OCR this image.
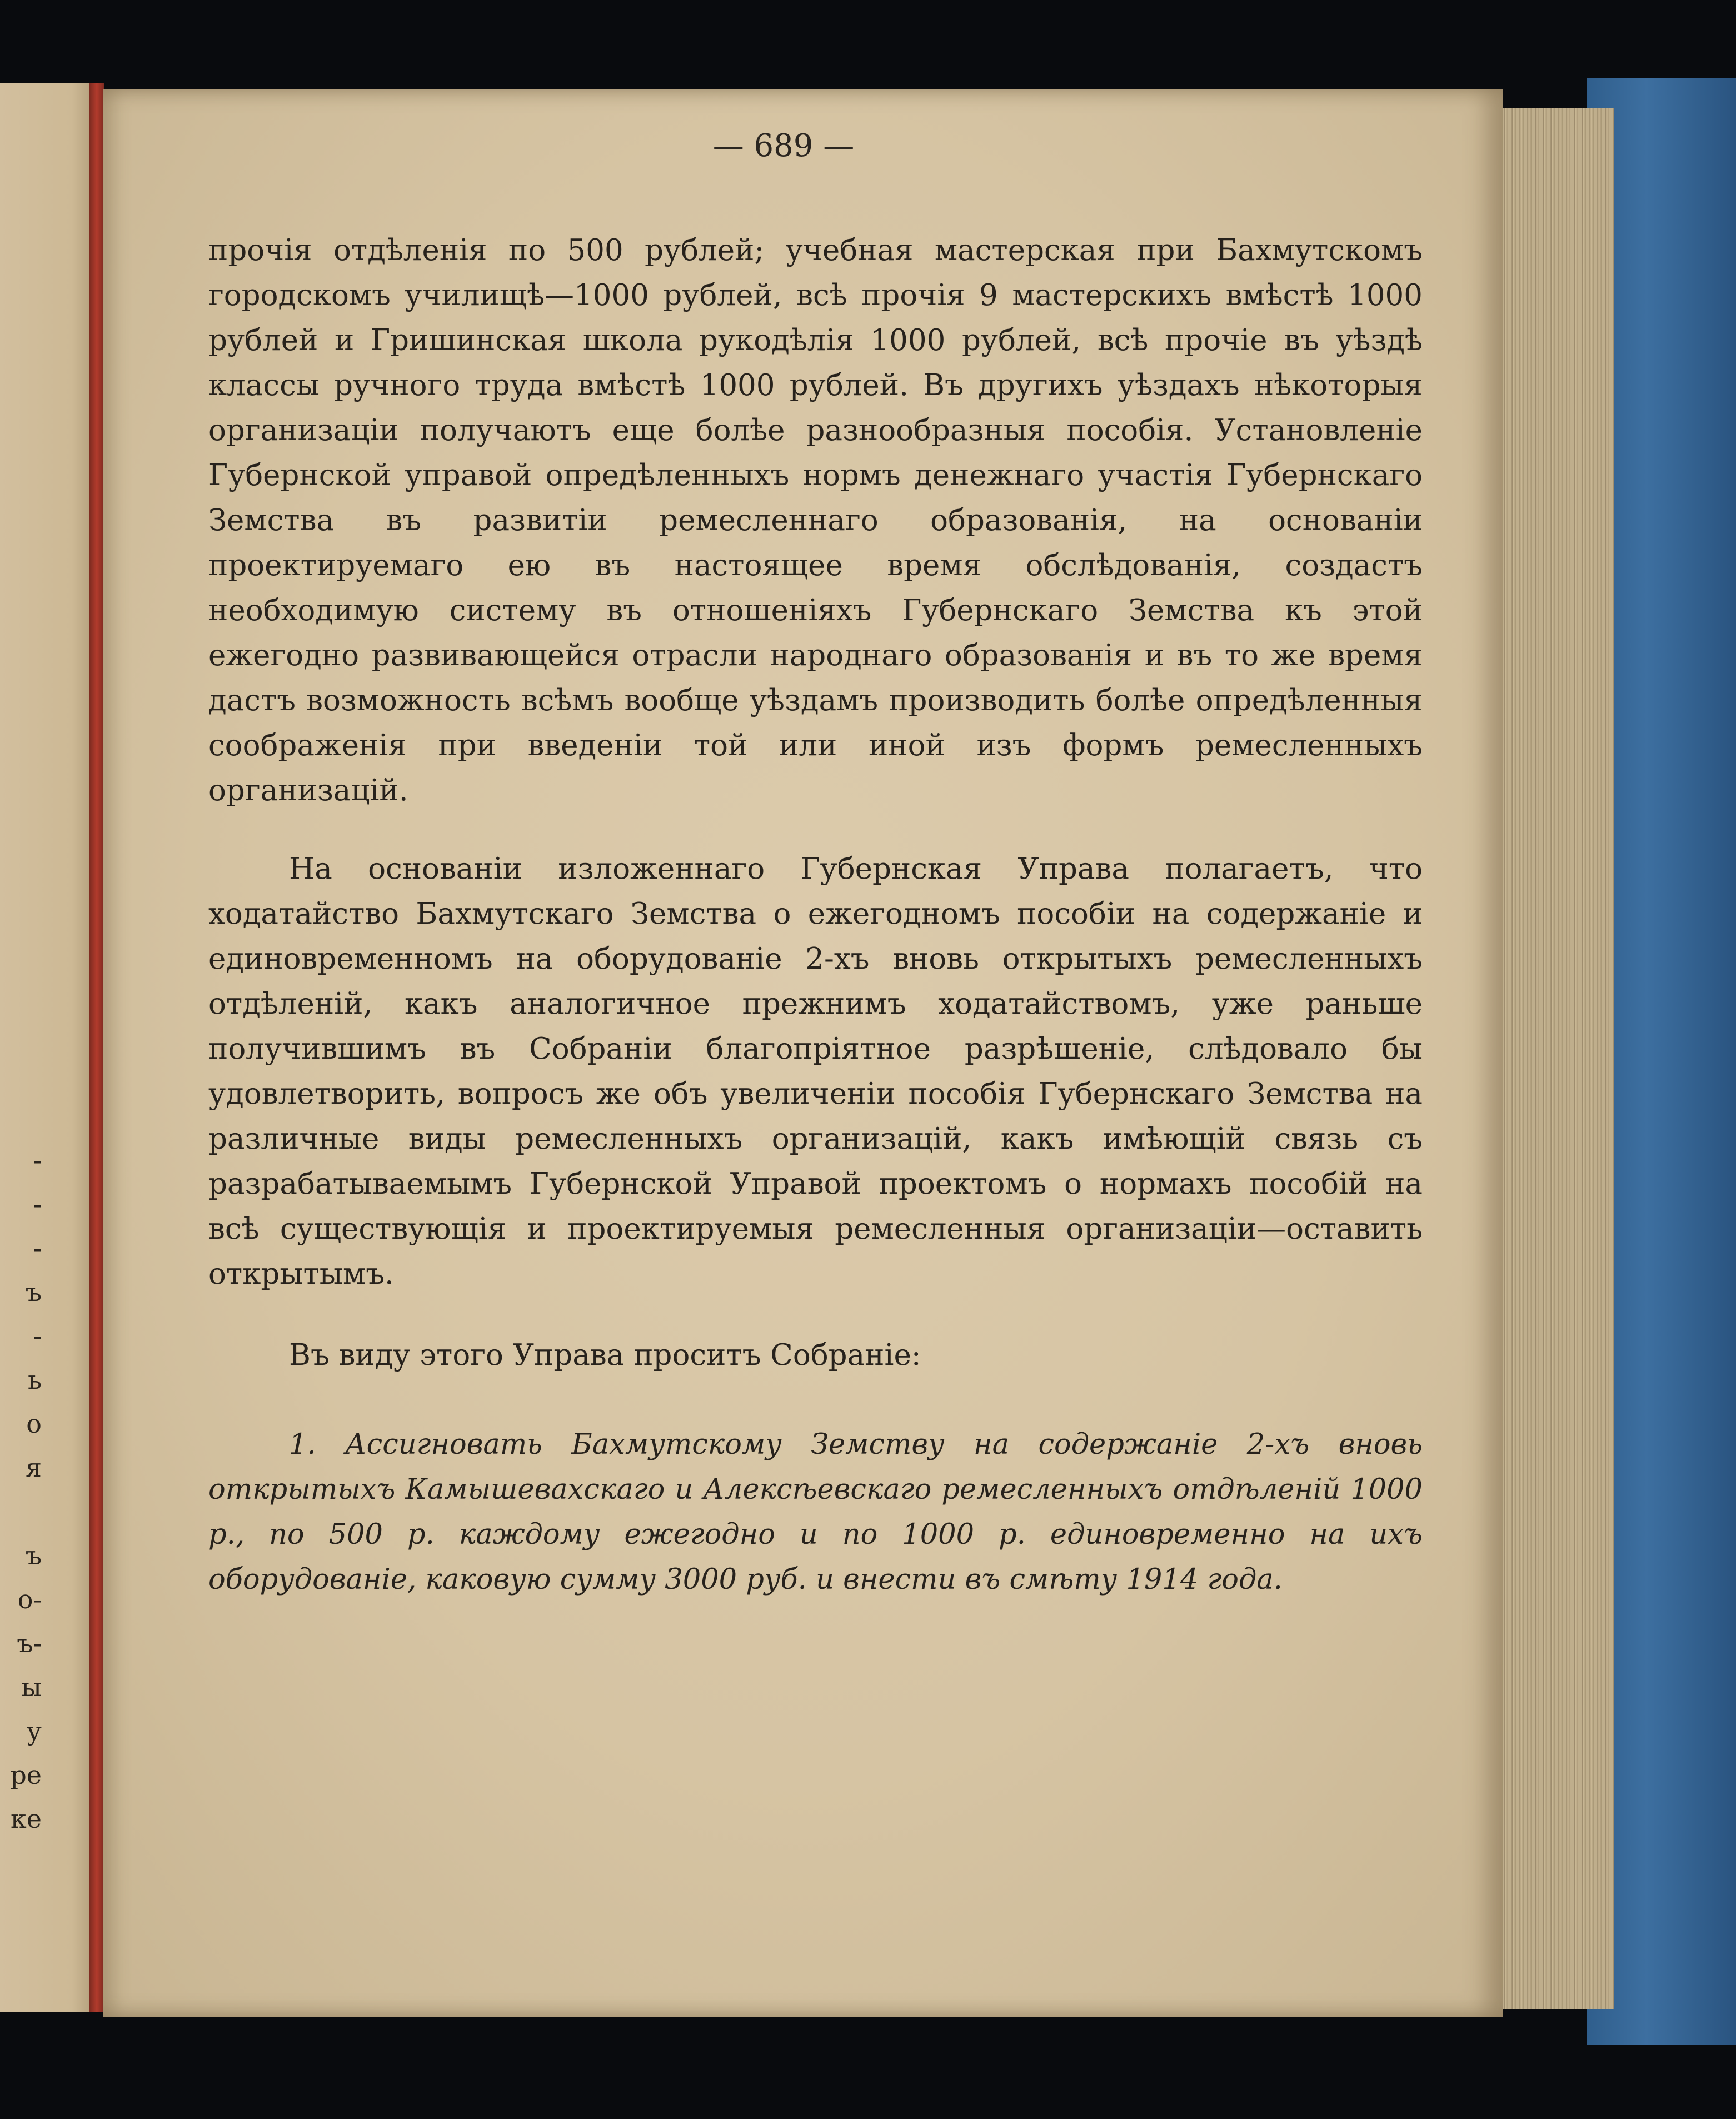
-
-
-
ъ
-
ь
о
я
ъ
о-
ъ-
ы
у
ре
ке
— 689 —

прочія отдѣленія по 500 рублей; учебная мастерская при Бахмутскомъ городскомъ училищѣ—1000 рублей, всѣ прочія 9 мастерскихъ вмѣстѣ 1000 рублей и Гришинская школа рукодѣлія 1000 рублей, всѣ прочіе въ уѣздѣ классы ручного труда вмѣстѣ 1000 рублей. Въ другихъ уѣздахъ нѣкоторыя организаціи получаютъ еще болѣе разнообразныя пособія. Установленіе Губернской управой опредѣленныхъ нормъ денежнаго участія Губернскаго Земства въ развитіи ремесленнаго образованія, на основаніи проектируемаго ею въ настоящее время обслѣдованія, создастъ необходимую систему въ отношеніяхъ Губернскаго Земства къ этой ежегодно развивающейся отрасли народнаго образованія и въ то же время дастъ возможность всѣмъ вообще уѣздамъ производить болѣе опредѣленныя соображенія при введеніи той или иной изъ формъ ремесленныхъ организацій.

На основаніи изложеннаго Губернская Управа полагаетъ, что ходатайство Бахмутскаго Земства о ежегодномъ пособіи на содержаніе и единовременномъ на оборудованіе 2-хъ вновь открытыхъ ремесленныхъ отдѣленій, какъ аналогичное прежнимъ ходатайствомъ, уже раньше получившимъ въ Собраніи благопріятное разрѣшеніе, слѣдовало бы удовлетворить, вопросъ же объ увеличеніи пособія Губернскаго Земства на различные виды ремесленныхъ организацій, какъ имѣющій связь съ разрабатываемымъ Губернской Управой проектомъ о нормахъ пособій на всѣ существующія и проектируемыя ремесленныя организаціи—оставить открытымъ.

Въ виду этого Управа проситъ Собраніе:

1. Ассигновать Бахмутскому Земству на содержаніе 2-хъ вновь открытыхъ Камышевахскаго и Алексѣевскаго ремесленныхъ отдѣленій 1000 р., по 500 р. каждому ежегодно и по 1000 р. единовременно на ихъ оборудованіе, каковую сумму 3000 руб. и внести въ смѣту 1914 года.
